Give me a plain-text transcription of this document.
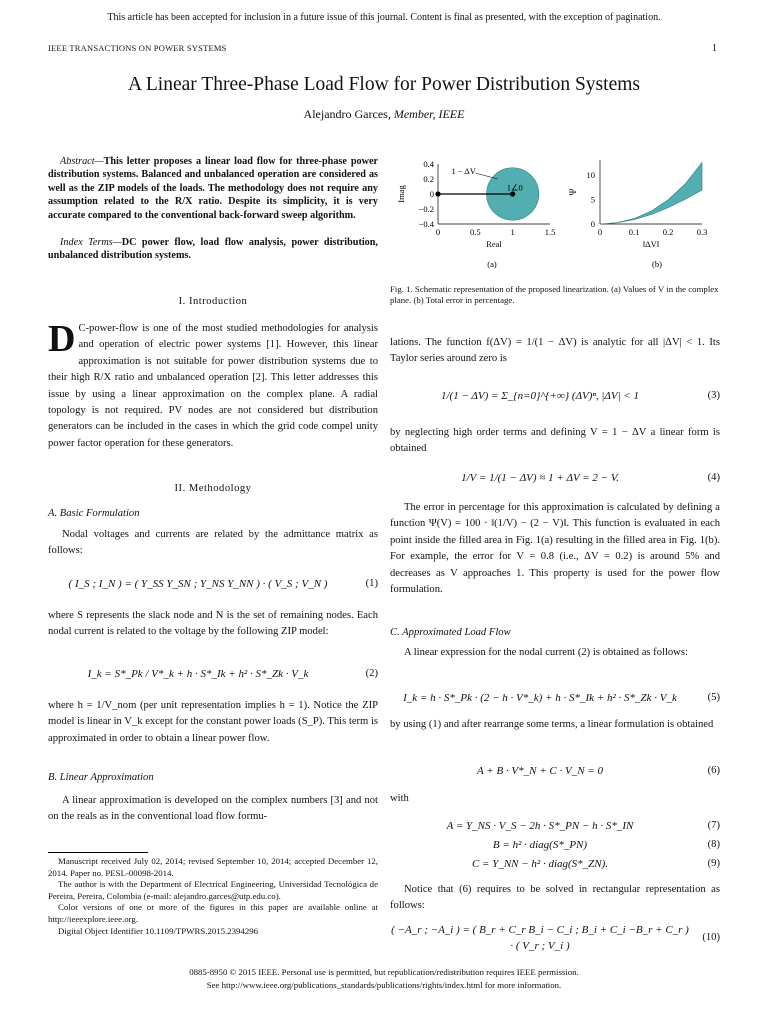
This article has been accepted for inclusion in a future issue of this journal. Content is final as presented, with the exception of pagination.
IEEE TRANSACTIONS ON POWER SYSTEMS	1
A Linear Three-Phase Load Flow for Power Distribution Systems
Alejandro Garces, Member, IEEE
Abstract—This letter proposes a linear load flow for three-phase power distribution systems. Balanced and unbalanced operation are considered as well as the ZIP models of the loads. The methodology does not require any assumption related to the R/X ratio. Despite its simplicity, it is very accurate compared to the conventional back-forward sweep algorithm.
Index Terms—DC power flow, load flow analysis, power distribution, unbalanced distribution systems.
I. Introduction
D C-power-flow is one of the most studied methodologies for analysis and operation of electric power systems [1]. However, this linear approximation is not suitable for power distribution systems due to their high R/X ratio and unbalanced operation [2]. This letter addresses this issue by using a linear approximation on the complex plane. A radial topology is not required. PV nodes are not considered but distribution generators can be included in the cases in which the grid code compel unity power factor operation for these generators.
II. Methodology
A. Basic Formulation
Nodal voltages and currents are related by the admittance matrix as follows:
( I_S ; I_N ) = ( Y_SS Y_SN ; Y_NS Y_NN ) · ( V_S ; V_N )	(1)
where S represents the slack node and N is the set of remaining nodes. Each nodal current is related to the voltage by the following ZIP model:
I_k = S*_Pk / V*_k + h · S*_Ik + h² · S*_Zk · V_k	(2)
where h = 1/V_nom (per unit representation implies h = 1). Notice the ZIP model is linear in V_k except for the constant power loads (S_P). This term is approximated in order to obtain a linear power flow.
B. Linear Approximation
A linear approximation is developed on the complex numbers [3] and not on the reals as in the conventional load flow formu-

Manuscript received July 02, 2014; revised September 10, 2014; accepted December 12, 2014. Paper no. PESL-00098-2014.

The author is with the Department of Electrical Engineering, Universidad Tecnológica de Pereira, Pereira, Colombia (e-mail: alejandro.garces@utp.edu.co).

Color versions of one or more of the figures in this paper are available online at http://ieeexplore.ieee.org.

Digital Object Identifier 10.1109/TPWRS.2015.2394296

0	0.5	1	1.5
0.4
0.2
0
−0.2
−0.4
1 − ΔV
1∠0
Real
Imag
(a)
0	0.1	0.2	0.3
10
5
0
‖ΔV‖
Ψ
(b)
Fig. 1. Schematic representation of the proposed linearization. (a) Values of V in the complex plane. (b) Total error in percentage.
lations. The function f(ΔV) = 1/(1 − ΔV) is analytic for all |ΔV| < 1. Its Taylor series around zero is
1/(1 − ΔV) = Σ_{n=0}^{+∞} (ΔV)ⁿ, |ΔV| < 1	(3)
by neglecting high order terms and defining V = 1 − ΔV a linear form is obtained
1/V = 1/(1 − ΔV) ≈ 1 + ΔV = 2 − V.	(4)
The error in percentage for this approximation is calculated by defining a function Ψ(V) = 100 · ‖(1/V) − (2 − V)‖. This function is evaluated in each point inside the filled area in Fig. 1(a) resulting in the filled area in Fig. 1(b). For example, the error for V = 0.8 (i.e., ΔV = 0.2) is around 5% and decreases as V approaches 1. This property is used for the power flow formulation.
C. Approximated Load Flow
A linear expression for the nodal current (2) is obtained as follows:
I_k = h · S*_Pk · (2 − h · V*_k) + h · S*_Ik + h² · S*_Zk · V_k	(5)
by using (1) and after rearrange some terms, a linear formulation is obtained
A + B · V*_N + C · V_N = 0	(6)
with
A = Y_NS · V_S − 2h · S*_PN − h · S*_IN	(7)
B = h² · diag(S*_PN)	(8)
C = Y_NN − h² · diag(S*_ZN).	(9)
Notice that (6) requires to be solved in rectangular representation as follows:
( −A_r ; −A_i ) = ( B_r + C_r B_i − C_i ; B_i + C_i −B_r + C_r ) · ( V_r ; V_i )
(10)
0885-8950 © 2015 IEEE. Personal use is permitted, but republication/redistribution requires IEEE permission.
See http://www.ieee.org/publications_standards/publications/rights/index.html for more information.
